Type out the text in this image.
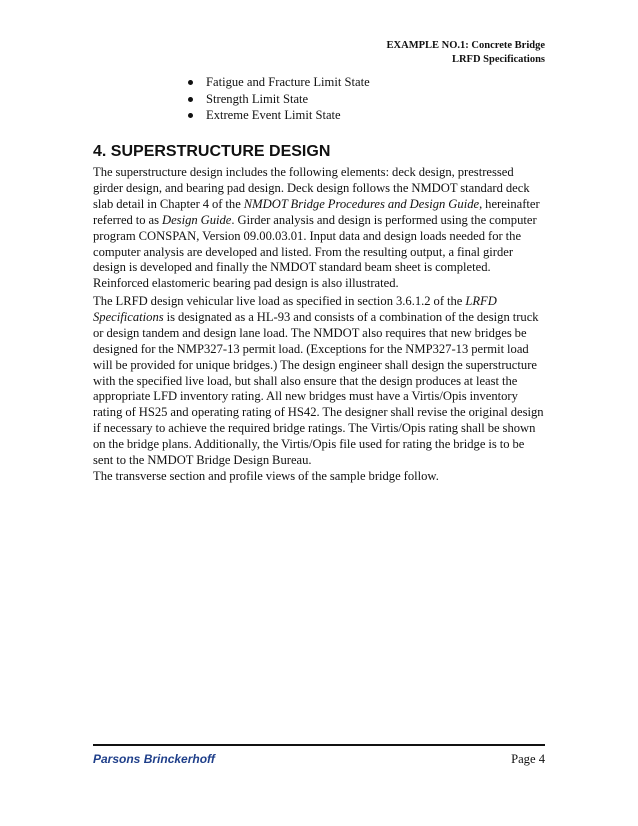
EXAMPLE NO.1: Concrete Bridge
LRFD Specifications
Fatigue and Fracture Limit State
Strength Limit State
Extreme Event Limit State
4. SUPERSTRUCTURE DESIGN

The superstructure design includes the following elements: deck design, prestressed girder design, and bearing pad design. Deck design follows the NMDOT standard deck slab detail in Chapter 4 of the NMDOT Bridge Procedures and Design Guide, hereinafter referred to as Design Guide. Girder analysis and design is performed using the computer program CONSPAN, Version 09.00.03.01. Input data and design loads needed for the computer analysis are developed and listed. From the resulting output, a final girder design is developed and finally the NMDOT standard beam sheet is completed. Reinforced elastomeric bearing pad design is also illustrated.

The LRFD design vehicular live load as specified in section 3.6.1.2 of the LRFD Specifications is designated as a HL-93 and consists of a combination of the design truck or design tandem and design lane load. The NMDOT also requires that new bridges be designed for the NMP327-13 permit load. (Exceptions for the NMP327-13 permit load will be provided for unique bridges.) The design engineer shall design the superstructure with the specified live load, but shall also ensure that the design produces at least the appropriate LFD inventory rating. All new bridges must have a Virtis/Opis inventory rating of HS25 and operating rating of HS42. The designer shall revise the original design if necessary to achieve the required bridge ratings. The Virtis/Opis rating shall be shown on the bridge plans. Additionally, the Virtis/Opis file used for rating the bridge is to be sent to the NMDOT Bridge Design Bureau.

The transverse section and profile views of the sample bridge follow.

Parsons Brinckerhoff	Page 4
